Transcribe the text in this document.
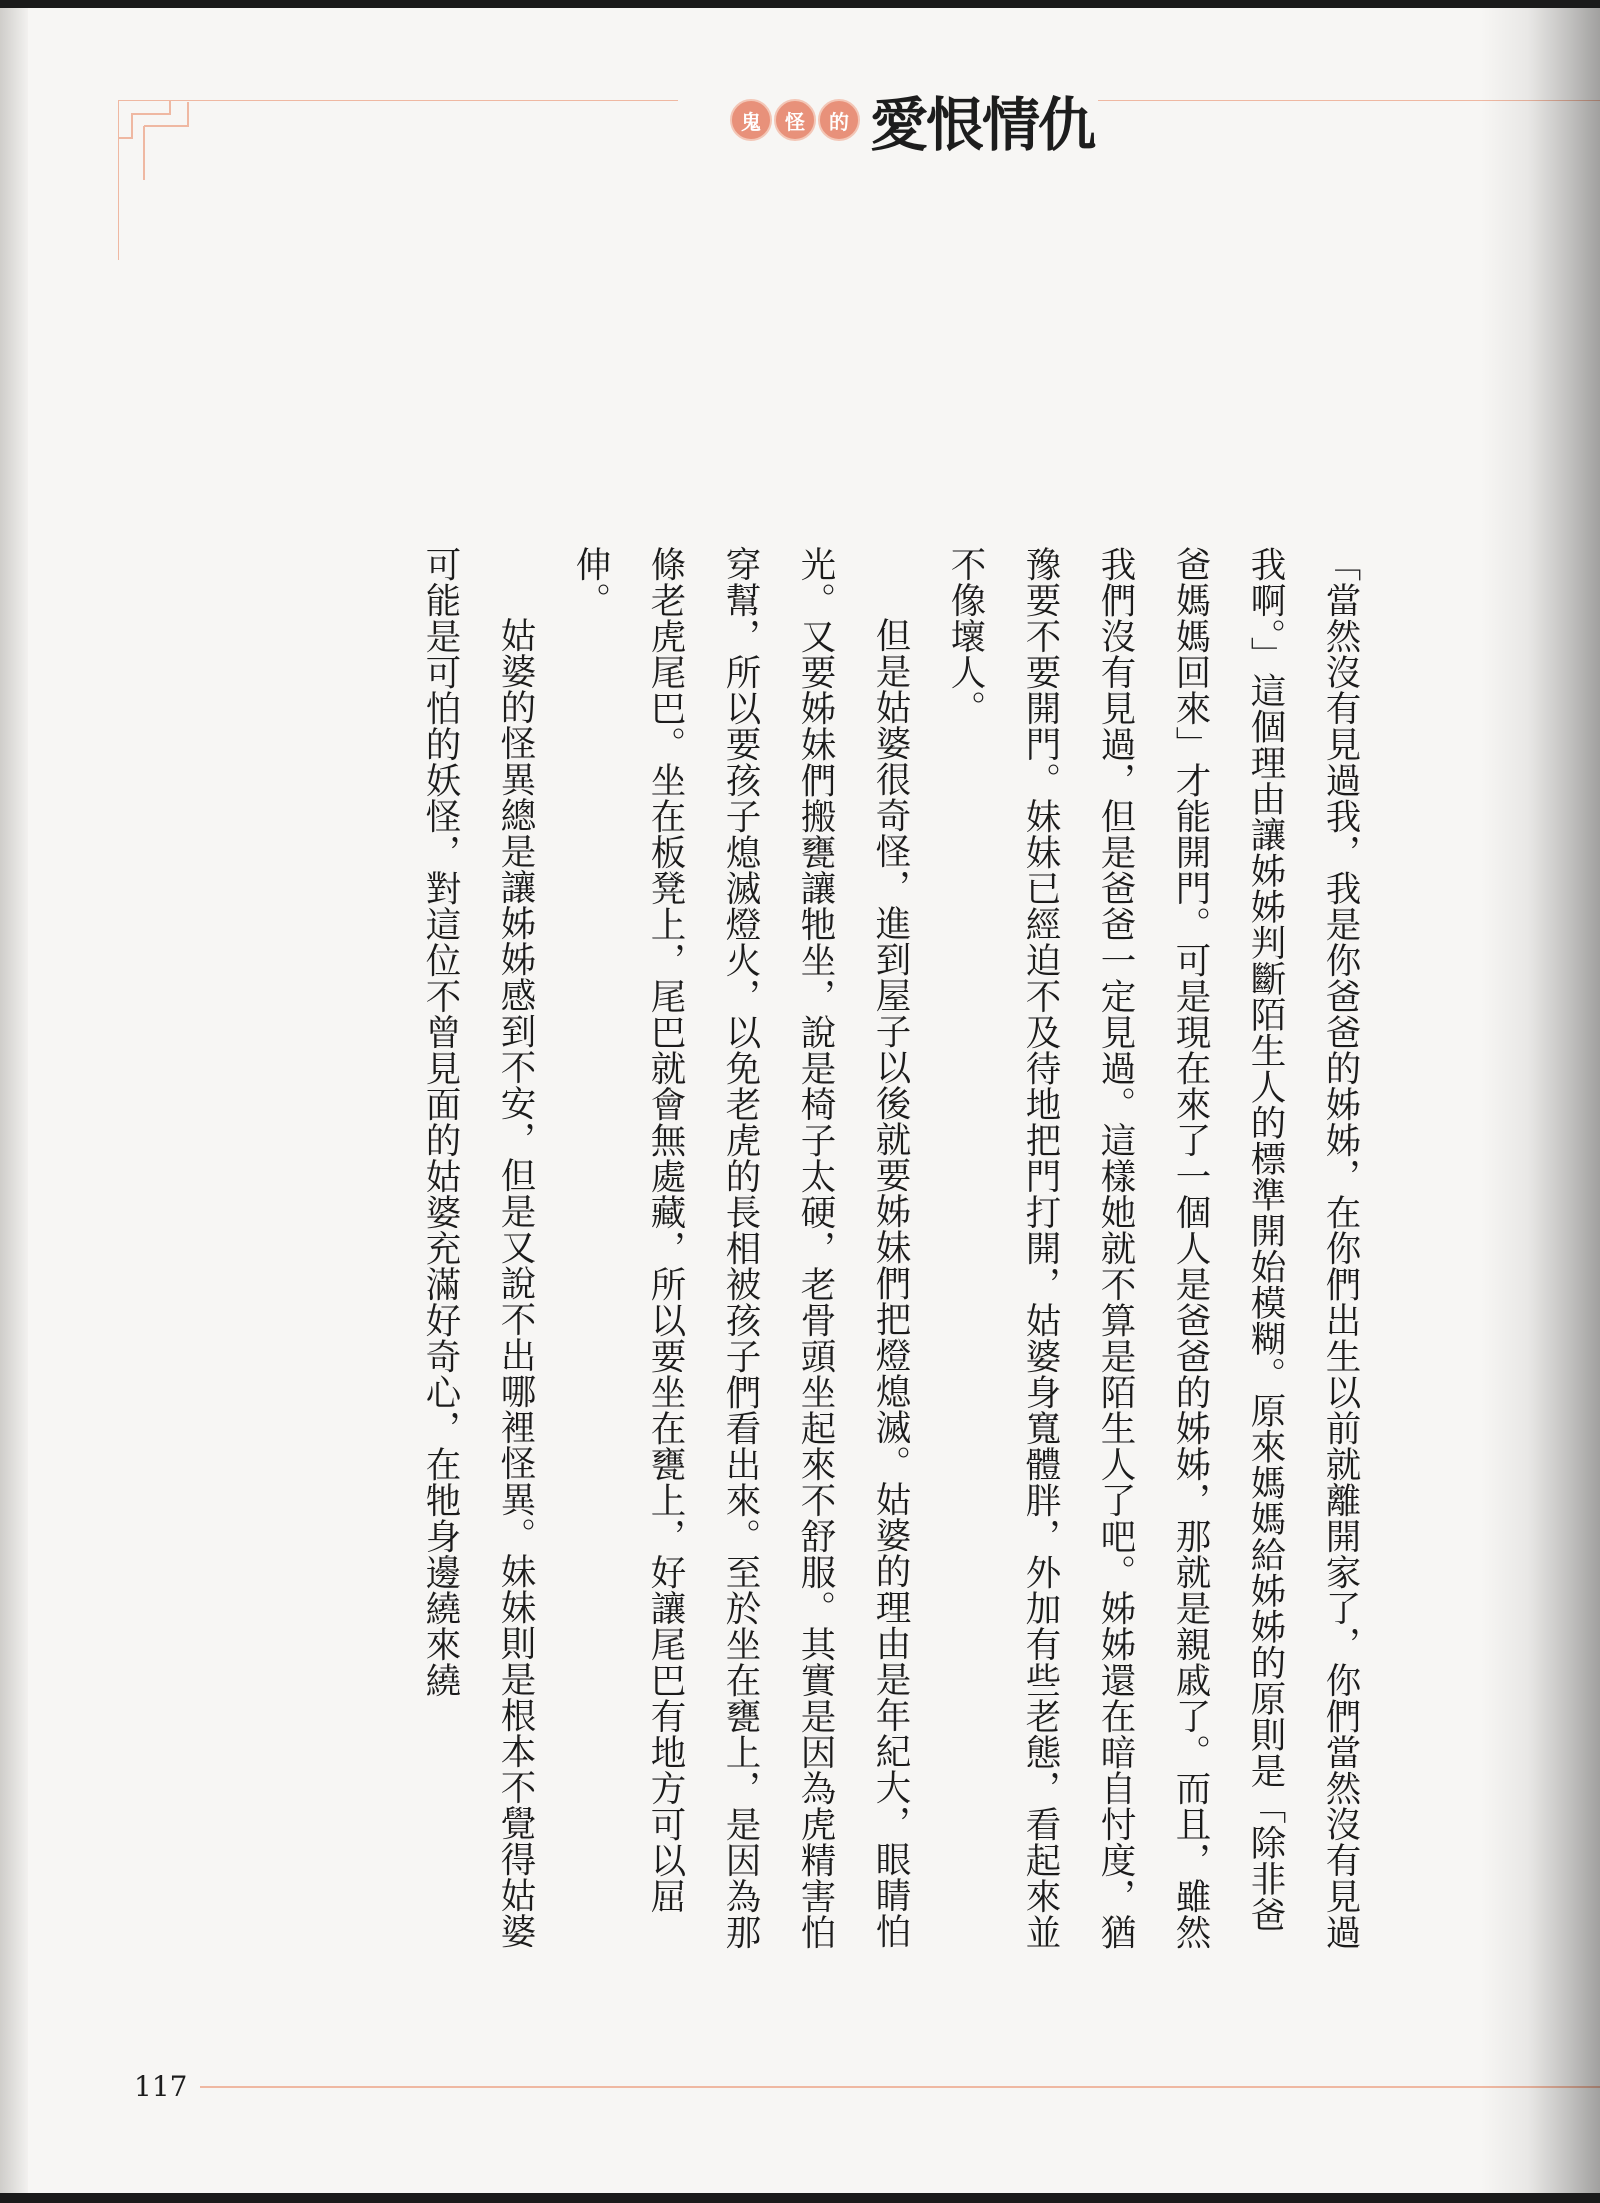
鬼	怪	的 愛恨情仇

「當然沒有見過我，我是你爸爸的姊姊，在你們出生以前就離開家了，你們當然沒有見過我啊。」這個理由讓姊姊判斷陌生人的標準開始模糊。原來媽媽給姊姊的原則是「除非爸爸媽媽回來」才能開門。可是現在來了一個人是爸爸的姊姊，那就是親戚了。而且，雖然我們沒有見過，但是爸爸一定見過。這樣她就不算是陌生人了吧。姊姊還在暗自忖度，猶豫要不要開門。妹妹已經迫不及待地把門打開，姑婆身寬體胖，外加有些老態，看起來並不像壞人。

但是姑婆很奇怪，進到屋子以後就要姊妹們把燈熄滅。姑婆的理由是年紀大，眼睛怕光。又要姊妹們搬甕讓牠坐，說是椅子太硬，老骨頭坐起來不舒服。其實是因為虎精害怕穿幫，所以要孩子熄滅燈火，以免老虎的長相被孩子們看出來。至於坐在甕上，是因為那條老虎尾巴。坐在板凳上，尾巴就會無處藏，所以要坐在甕上，好讓尾巴有地方可以屈伸。

姑婆的怪異總是讓姊姊感到不安，但是又說不出哪裡怪異。妹妹則是根本不覺得姑婆可能是可怕的妖怪，對這位不曾見面的姑婆充滿好奇心，在牠身邊繞來繞

117
